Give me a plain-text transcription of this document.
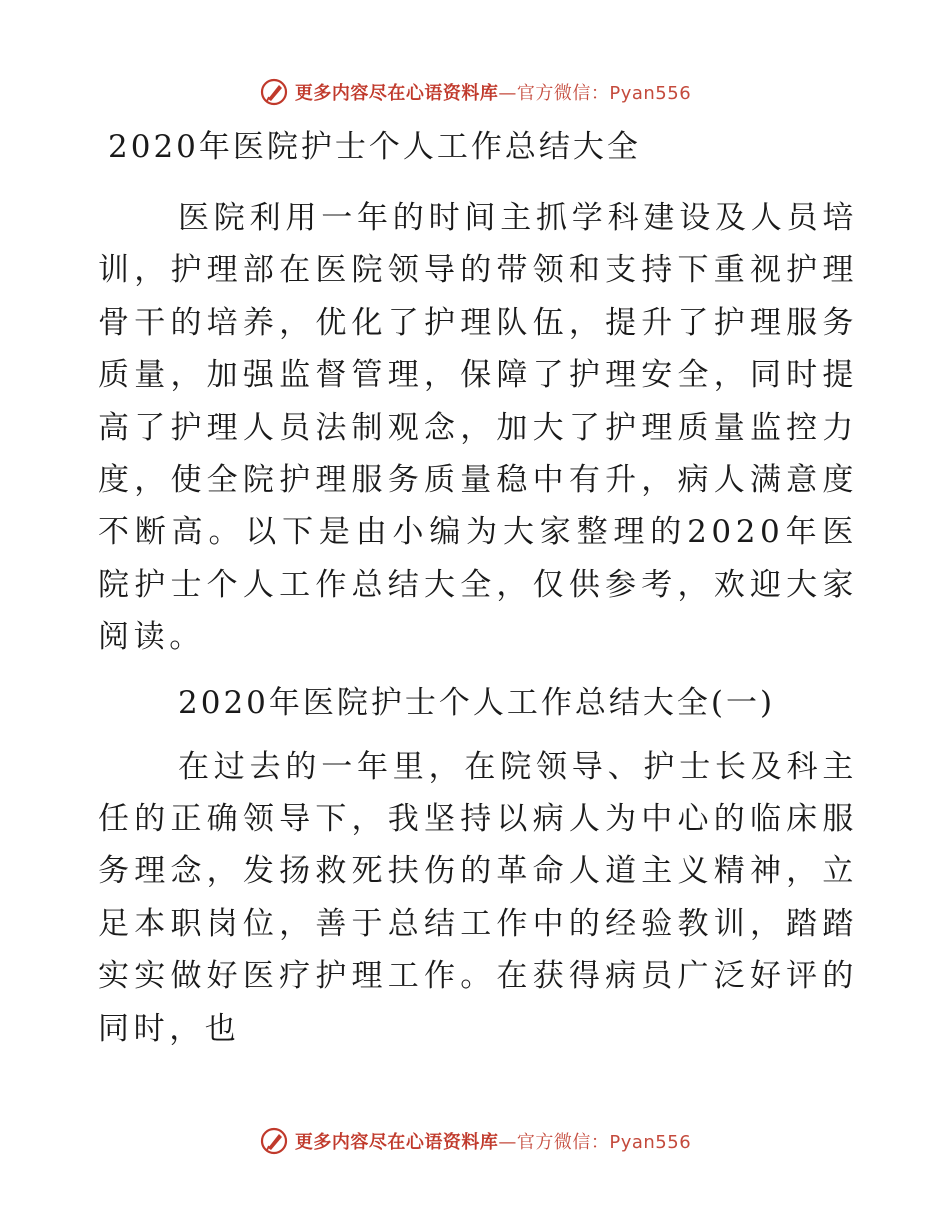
更多内容尽在心语资料库—官方微信：Pyan556
2020年医院护士个人工作总结大全

医院利用一年的时间主抓学科建设及人员培训，护理部在医院领导的带领和支持下重视护理骨干的培养，优化了护理队伍，提升了护理服务质量，加强监督管理，保障了护理安全，同时提高了护理人员法制观念，加大了护理质量监控力度，使全院护理服务质量稳中有升，病人满意度不断高。以下是由小编为大家整理的2020年医院护士个人工作总结大全，仅供参考，欢迎大家阅读。

2020年医院护士个人工作总结大全(一)

在过去的一年里，在院领导、护士长及科主任的正确领导下，我坚持以病人为中心的临床服务理念，发扬救死扶伤的革命人道主义精神，立足本职岗位，善于总结工作中的经验教训，踏踏实实做好医疗护理工作。在获得病员广泛好评的同时，也

更多内容尽在心语资料库—官方微信：Pyan556
